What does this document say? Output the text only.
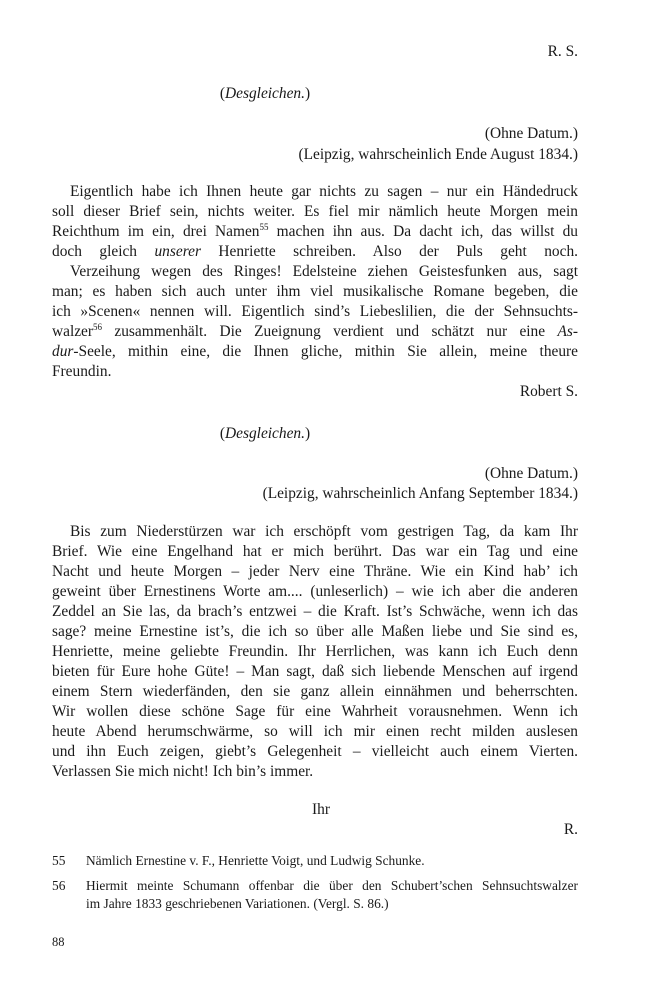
R. S.
(Desgleichen.)
(Ohne Datum.)
(Leipzig, wahrscheinlich Ende August 1834.)
Eigentlich habe ich Ihnen heute gar nichts zu sagen – nur ein Händedruck
soll dieser Brief sein, nichts weiter. Es fiel mir nämlich heute Morgen mein
Reichthum im ein, drei Namen$^{55}$ machen ihn aus. Da dacht ich, das willst du
doch gleich unserer Henriette schreiben. Also der Puls geht noch.
Verzeihung wegen des Ringes! Edelsteine ziehen Geistesfunken aus, sagt
man; es haben sich auch unter ihm viel musikalische Romane begeben, die
ich »Scenen« nennen will. Eigentlich sind’s Liebeslilien, die der Sehnsuchts-
walzer$^{56}$ zusammenhält. Die Zueignung verdient und schätzt nur eine As-
dur-Seele, mithin eine, die Ihnen gliche, mithin Sie allein, meine theure
Freundin.
Robert S.
(Desgleichen.)
(Ohne Datum.)
(Leipzig, wahrscheinlich Anfang September 1834.)
Bis zum Niederstürzen war ich erschöpft vom gestrigen Tag, da kam Ihr
Brief. Wie eine Engelhand hat er mich berührt. Das war ein Tag und eine
Nacht und heute Morgen – jeder Nerv eine Thräne. Wie ein Kind hab’ ich
geweint über Ernestinens Worte am.... (unleserlich) – wie ich aber die anderen
Zeddel an Sie las, da brach’s entzwei – die Kraft. Ist’s Schwäche, wenn ich das
sage? meine Ernestine ist’s, die ich so über alle Maßen liebe und Sie sind es,
Henriette, meine geliebte Freundin. Ihr Herrlichen, was kann ich Euch denn
bieten für Eure hohe Güte! – Man sagt, daß sich liebende Menschen auf irgend
einem Stern wiederfänden, den sie ganz allein einnähmen und beherrschten.
Wir wollen diese schöne Sage für eine Wahrheit vorausnehmen. Wenn ich
heute Abend herumschwärme, so will ich mir einen recht milden auslesen
und ihn Euch zeigen, giebt’s Gelegenheit – vielleicht auch einem Vierten.
Verlassen Sie mich nicht! Ich bin’s immer.
Ihr
R.
55 Nämlich Ernestine v. F., Henriette Voigt, und Ludwig Schunke.
56 Hiermit meinte Schumann offenbar die über den Schubert’schen Sehnsuchtswalzer
im Jahre 1833 geschriebenen Variationen. (Vergl. S. 86.)
88
